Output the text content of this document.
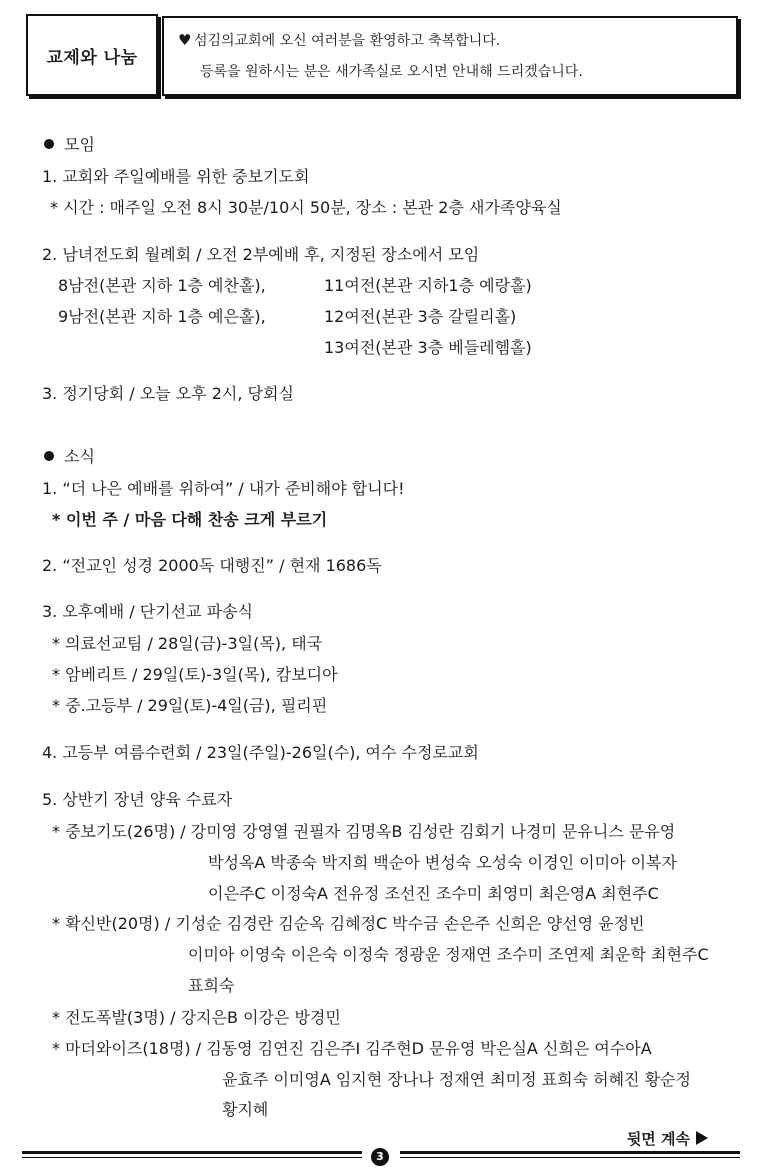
교제와 나눔
♥ 섬김의교회에 오신 여러분을 환영하고 축복합니다.
등록을 원하시는 분은 새가족실로 오시면 안내해 드리겠습니다.
모임
1. 교회와 주일예배를 위한 중보기도회
* 시간 : 매주일 오전 8시 30분/10시 50분, 장소 : 본관 2층 새가족양육실
2. 남녀전도회 월례회 / 오전 2부예배 후, 지정된 장소에서 모임
8남전(본관 지하 1층 예찬홀),	11여전(본관 지하1층 예랑홀)
9남전(본관 지하 1층 예은홀),	12여전(본관 3층 갈릴리홀)
13여전(본관 3층 베들레헴홀)
3. 정기당회 / 오늘 오후 2시, 당회실
소식
1. “더 나은 예배를 위하여” / 내가 준비해야 합니다!
* 이번 주 / 마음 다해 찬송 크게 부르기
2. “전교인 성경 2000독 대행진” / 현재 1686독
3. 오후예배 / 단기선교 파송식
* 의료선교팀 / 28일(금)-3일(목), 태국
* 암베리트 / 29일(토)-3일(목), 캄보디아
* 중.고등부 / 29일(토)-4일(금), 필리핀
4. 고등부 여름수련회 / 23일(주일)-26일(수), 여수 수정로교회
5. 상반기 장년 양육 수료자
* 중보기도(26명) / 강미영 강영열 권필자 김명옥B 김성란 김회기 나경미 문유니스 문유영
박성옥A 박종숙 박지희 백순아 변성숙 오성숙 이경인 이미아 이복자
이은주C 이정숙A 전유정 조선진 조수미 최영미 최은영A 최현주C
* 확신반(20명) / 기성순 김경란 김순옥 김혜정C 박수금 손은주 신희은 양선영 윤정빈
이미아 이영숙 이은숙 이정숙 정광운 정재연 조수미 조연제 최운학 최현주C
표희숙
* 전도폭발(3명) / 강지은B 이강은 방경민
* 마더와이즈(18명) / 김동영 김연진 김은주I 김주현D 문유영 박은실A 신희은 여수아A
윤효주 이미영A 임지현 장나나 정재연 최미정 표희숙 허혜진 황순정
황지혜
뒷면 계속
3
